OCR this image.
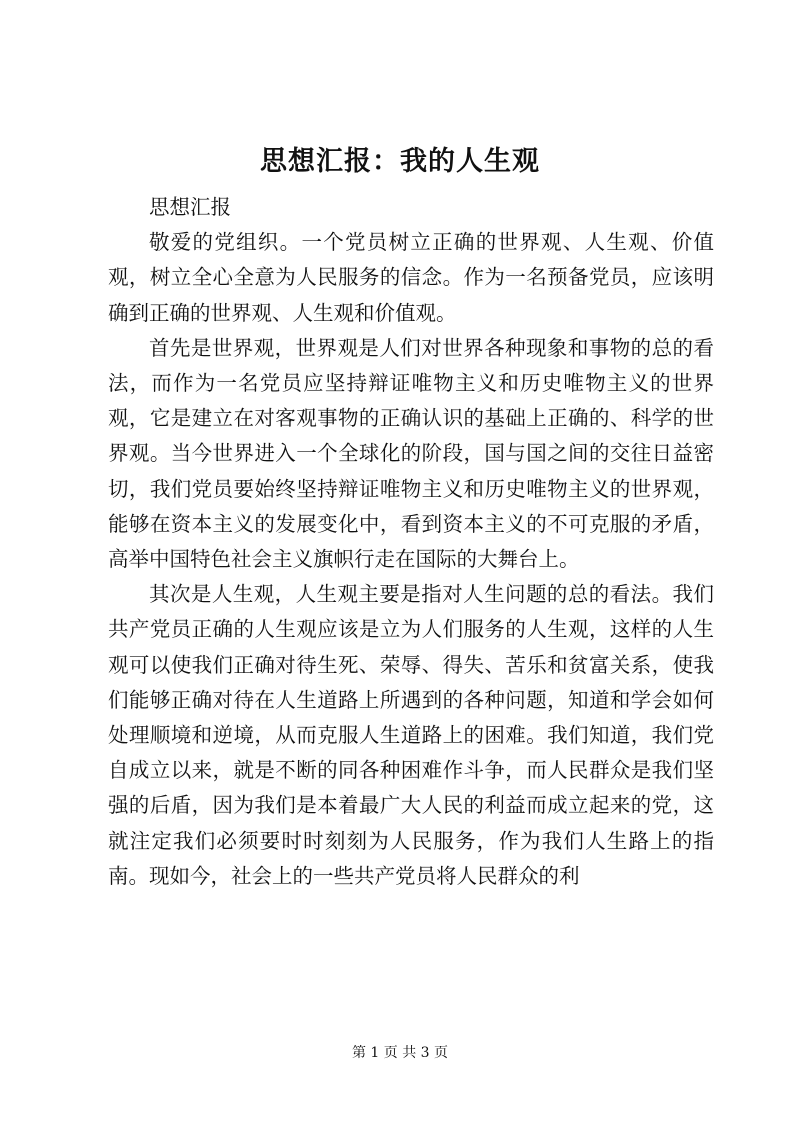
思想汇报：我的人生观

思想汇报

敬爱的党组织。一个党员树立正确的世界观、人生观、价值观，树立全心全意为人民服务的信念。作为一名预备党员，应该明确到正确的世界观、人生观和价值观。

首先是世界观，世界观是人们对世界各种现象和事物的总的看法，而作为一名党员应坚持辩证唯物主义和历史唯物主义的世界观，它是建立在对客观事物的正确认识的基础上正确的、科学的世界观。当今世界进入一个全球化的阶段，国与国之间的交往日益密切，我们党员要始终坚持辩证唯物主义和历史唯物主义的世界观，能够在资本主义的发展变化中，看到资本主义的不可克服的矛盾，高举中国特色社会主义旗帜行走在国际的大舞台上。

其次是人生观，人生观主要是指对人生问题的总的看法。我们共产党员正确的人生观应该是立为人们服务的人生观，这样的人生观可以使我们正确对待生死、荣辱、得失、苦乐和贫富关系，使我们能够正确对待在人生道路上所遇到的各种问题，知道和学会如何处理顺境和逆境，从而克服人生道路上的困难。我们知道，我们党自成立以来，就是不断的同各种困难作斗争，而人民群众是我们坚强的后盾，因为我们是本着最广大人民的利益而成立起来的党，这就注定我们必须要时时刻刻为人民服务，作为我们人生路上的指南。现如今，社会上的一些共产党员将人民群众的利

第 1 页 共 3 页
